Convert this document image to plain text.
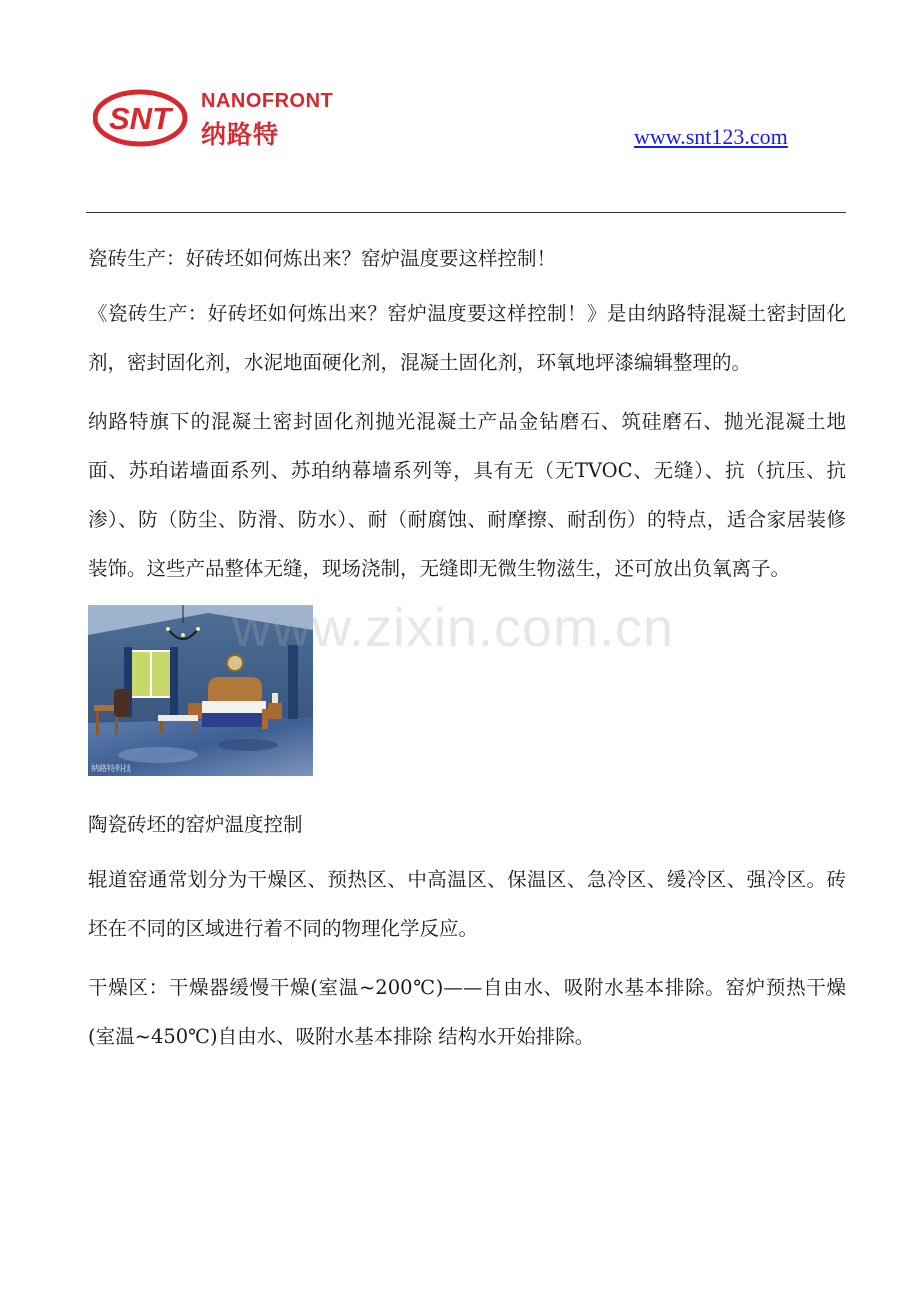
SNT NANOFRONT
纳路特	www.snt123.com

瓷砖生产：好砖坯如何炼出来？窑炉温度要这样控制！

《瓷砖生产：好砖坯如何炼出来？窑炉温度要这样控制！》是由纳路特混凝土密封固化剂，密封固化剂，水泥地面硬化剂，混凝土固化剂，环氧地坪漆编辑整理的。

纳路特旗下的混凝土密封固化剂抛光混凝土产品金钻磨石、筑硅磨石、抛光混凝土地面、苏珀诺墙面系列、苏珀纳幕墙系列等，具有无（无TVOC、无缝）、抗（抗压、抗渗）、防（防尘、防滑、防水）、耐（耐腐蚀、耐摩擦、耐刮伤）的特点，适合家居装修装饰。这些产品整体无缝，现场浇制，无缝即无微生物滋生，还可放出负氧离子。

纳路特科技

陶瓷砖坯的窑炉温度控制

辊道窑通常划分为干燥区、预热区、中高温区、保温区、急冷区、缓冷区、强冷区。砖坯在不同的区域进行着不同的物理化学反应。

干燥区：干燥器缓慢干燥(室温~200℃)——自由水、吸附水基本排除。窑炉预热干燥(室温~450℃)自由水、吸附水基本排除 结构水开始排除。

www.zixin.com.cn
